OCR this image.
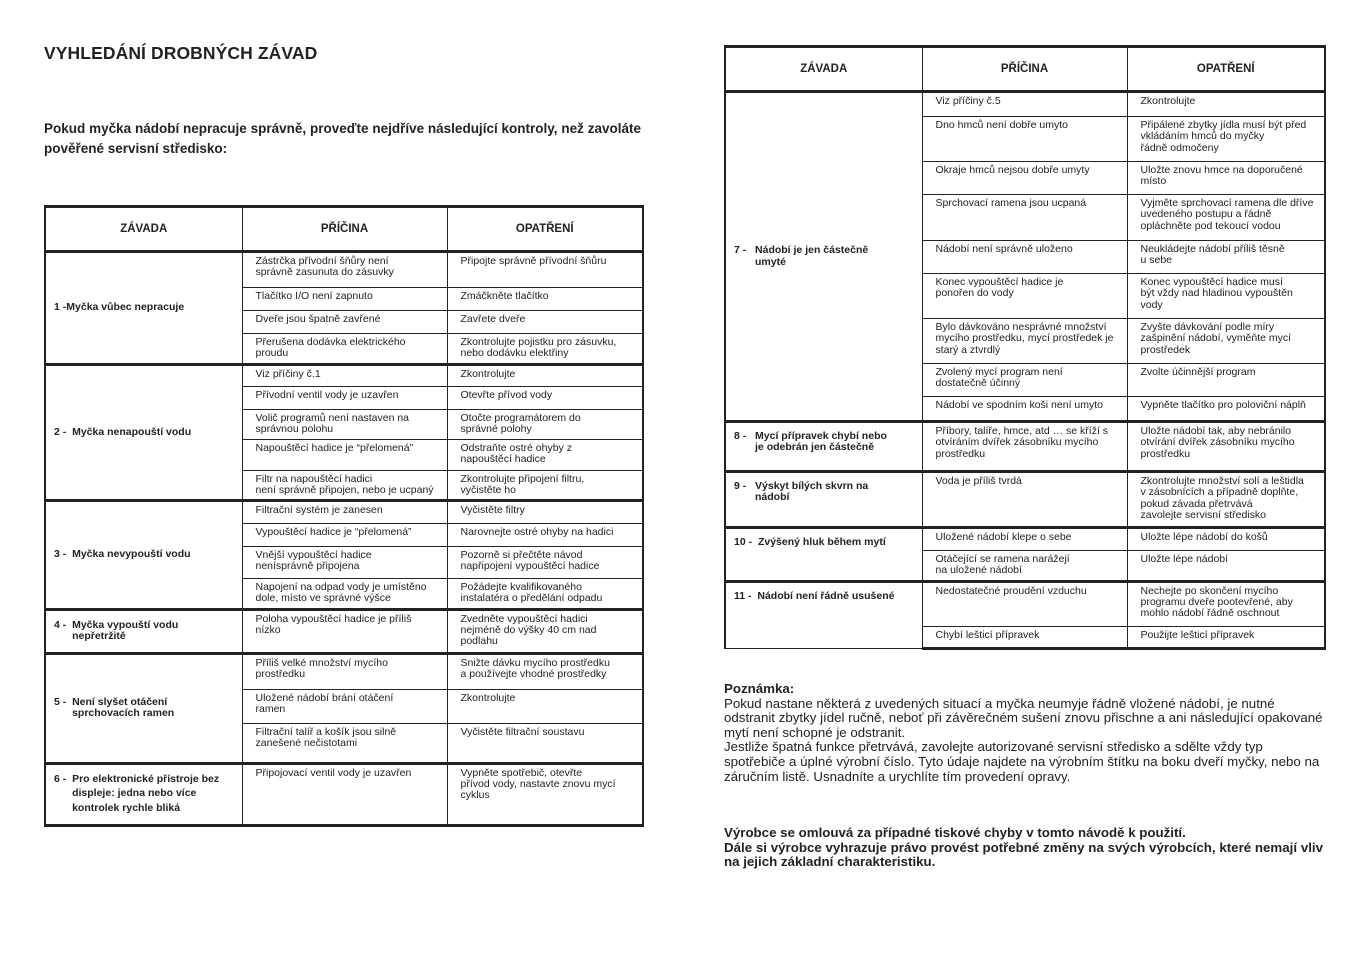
VYHLEDÁNÍ DROBNÝCH ZÁVAD
Pokud myčka nádobí nepracuje správně, proveďte nejdříve následující kontroly, než zavoláte pověřené servisní středisko:
ZÁVADA	PŘÍČINA	OPATŘENÍ

1 - Myčka vůbec nepracuje	Zástrčka přívodní šňůry není
správně zasunuta do zásuvky	Připojte správně přívodní šňůru
	Tlačítko I/O není zapnuto	Zmáčkněte tlačítko
	Dveře jsou špatně zavřené	Zavřete dveře
	Přerušena dodávka elektrického
proudu	Zkontrolujte pojistku pro zásuvku,
nebo dodávku elektřiny

2 - Myčka nenapouští vodu	Viz příčiny č.1	Zkontrolujte
	Přívodní ventil vody je uzavřen	Otevřte přívod vody
	Volič programů není nastaven na
správnou polohu	Otočte programátorem do
správné polohy
	Napouštěcí hadice je “přelomená”	Odstraňte ostré ohyby z
napouštěcí hadice
	Filtr na napouštěcí hadici
není správně připojen, nebo je ucpaný	Zkontrolujte připojení filtru,
vyčistěte ho

3 - Myčka nevypouští vodu	Filtrační systém je zanesen	Vyčistěte filtry
	Vypouštěcí hadice je “přelomená”	Narovnejte ostré ohyby na hadici
	Vnější vypouštěcí hadice
nenísprávně připojena	Pozorně si přečtěte návod
napřipojení vypouštěcí hadice
	Napojení na odpad vody je umístěno
dole, místo ve správné výšce	Požádejte kvalifikovaného
instalatéra o předělání odpadu

4 - Myčka vypouští vodu
nepřetržitě	Poloha vypouštěcí hadice je příliš
nízko	Zvedněte vypouštěcí hadici
nejméně do výšky 40 cm nad
podlahu

5 - Není slyšet otáčení
sprchovacích ramen	Příliš velké množství mycího
prostředku	Snižte dávku mycího prostředku
a používejte vhodné prostředky
	Uložené nádobí brání otáčení
ramen	Zkontrolujte
	Filtrační talíř a košík jsou silně
zanešené nečistotami	Vyčistěte filtrační soustavu

6 - Pro elektronické přístroje bez displeje: jedna nebo více kontrolek rychle bliká	Připojovací ventil vody je uzavřen	Vypněte spotřebič, otevřte
přívod vody, nastavte znovu mycí
cyklus
ZÁVADA	PŘÍČINA	OPATŘENÍ

7 - Nádobí je jen částečně
umyté	Viz příčiny č.5	Zkontrolujte
	Dno hmců není dobře umyto	Připálené zbytky jídla musí být před
vkládáním hmců do myčky
řádně odmočeny
	Okraje hmců nejsou dobře umyty	Uložte znovu hmce na doporučené
místo
	Sprchovací ramena jsou ucpaná	Vyjměte sprchovací ramena dle dříve
uvedeného postupu a řádně
opláchněte pod tekoucí vodou
	Nádobí není správně uloženo	Neukládejte nádobí příliš těsně
u sebe
	Konec vypouštěcí hadice je
ponořen do vody	Konec vypouštěcí hadice musí
být vždy nad hladinou vypouštěn
vody
	Bylo dávkováno nesprávné množství
mycího prostředku, mycí prostředek je
starý a ztvrdlý	Zvyšte dávkování podle míry
zašpinění nádobí, vyměňte mycí
prostředek
	Zvolený mycí program není
dostatečně účinný	Zvolte účinnější program
	Nádobí ve spodním koši není umyto	Vypněte tlačítko pro poloviční náplň

8 - Mycí přípravek chybí nebo
je odebrán jen částečně	Příbory, talíře, hmce, atd … se kříží s
otvíráním dvířek zásobníku mycího
prostředku	Uložte nádobí tak, aby nebránilo
otvírání dvířek zásobníku mycího
prostředku

9 - Výskyt bílých skvrn na
nádobí	Voda je příliš tvrdá	Zkontrolujte množství solí a leštidla
v zásobnících a případně doplňte,
pokud závada přetrvává
zavolejte servisní středisko

10 - Zvýšený hluk během mytí	Uložené nádobí klepe o sebe	Uložte lépe nádobí do košů
	Otáčející se ramena narážejí
na uložené nádobí	Uložte lépe nádobí

11 - Nádobí není řádně usušené	Nedostatečné proudění vzduchu	Nechejte po skončení mycího
programu dveře pootevřené, aby
mohlo nádobí řádně oschnout
	Chybí lešticí přípravek	Použijte lešticí přípravek

Poznámka:

Pokud nastane některá z uvedených situací a myčka neumyje řádně vložené nádobí, je nutné odstranit zbytky jídel ručně, neboť při závěrečném sušení znovu přischne a ani následující opakované mytí není schopné je odstranit.

Jestliže špatná funkce přetrvává, zavolejte autorizované servisní středisko a sdělte vždy typ spotřebiče a úplné výrobní číslo. Tyto údaje najdete na výrobním štítku na boku dveří myčky, nebo na záručním listě. Usnadníte a urychlíte tím provedení opravy.

Výrobce se omlouvá za případné tiskové chyby v tomto návodě k použití.

Dále si výrobce vyhrazuje právo provést potřebné změny na svých výrobcích, které nemají vliv na jejich základní charakteristiku.
